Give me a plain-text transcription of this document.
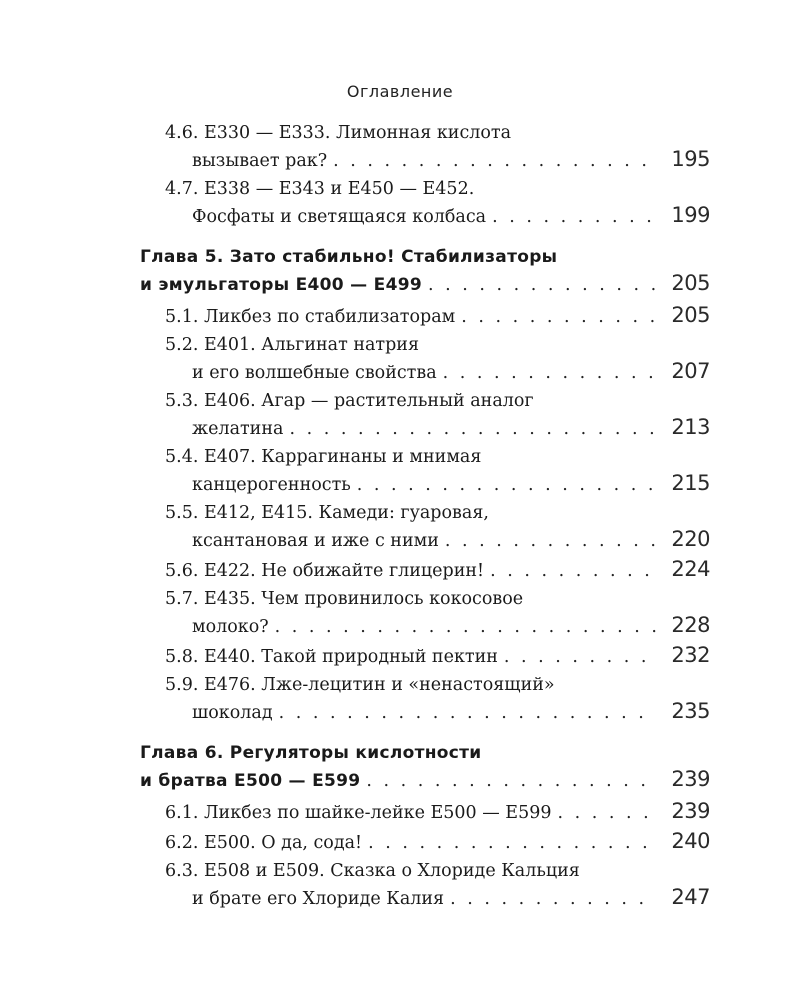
Оглавление
4.6. Е330 — Е333. Лимонная кислота
вызывает рак? . . .	195
4.7. Е338 — Е343 и Е450 — Е452.
Фосфаты и светящаяся колбаса . . .	199
Глава 5. Зато стабильно! Стабилизаторы
и эмульгаторы Е400 — Е499 . . .	205
5.1. Ликбез по стабилизаторам . . .	205
5.2. Е401. Альгинат натрия
и его волшебные свойства . . .	207
5.3. Е406. Агар — растительный аналог
желатина . . .	213
5.4. Е407. Каррагинаны и мнимая
канцерогенность . . .	215
5.5. Е412, Е415. Камеди: гуаровая,
ксантановая и иже с ними . . .	220
5.6. Е422. Не обижайте глицерин! . . .	224
5.7. Е435. Чем провинилось кокосовое
молоко? . . .	228
5.8. Е440. Такой природный пектин . . .	232
5.9. Е476. Лже-лецитин и «ненастоящий»
шоколад . . .	235
Глава 6. Регуляторы кислотности
и братва Е500 — Е599 . . .	239
6.1. Ликбез по шайке-лейке Е500 — Е599 . . .	239
6.2. Е500. О да, сода! . . .	240
6.3. Е508 и Е509. Сказка о Хлориде Кальция
и брате его Хлориде Калия . . .	247
